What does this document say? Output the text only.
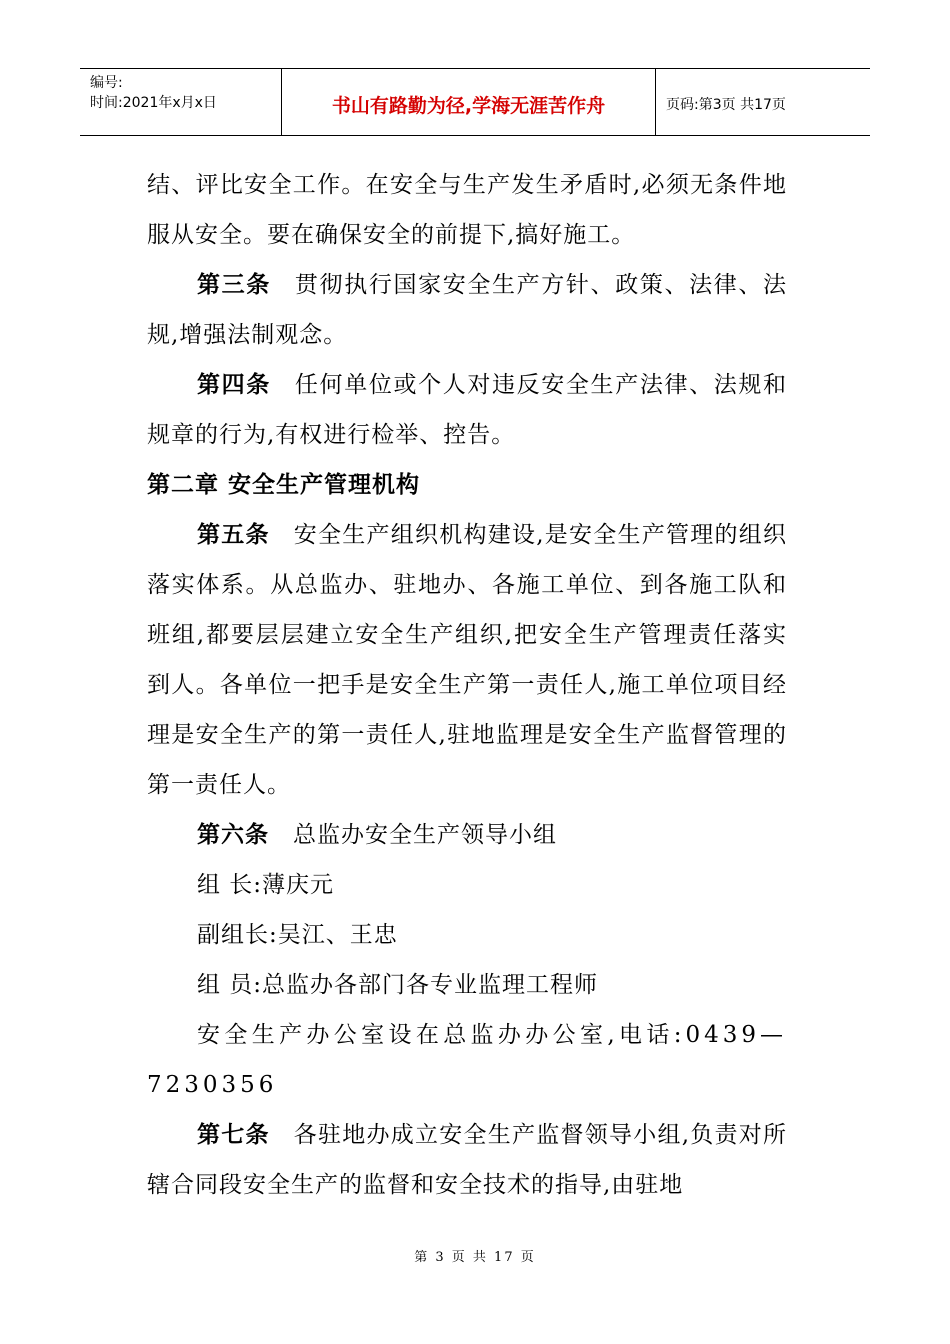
编号:
时间:2021年x月x日	书山有路勤为径,学海无涯苦作舟	页码:第3页 共17页

结、评比安全工作。在安全与生产发生矛盾时,必须无条件地服从安全。要在确保安全的前提下,搞好施工。

第三条 贯彻执行国家安全生产方针、政策、法律、法规,增强法制观念。

第四条 任何单位或个人对违反安全生产法律、法规和规章的行为,有权进行检举、控告。

第二章 安全生产管理机构

第五条 安全生产组织机构建设,是安全生产管理的组织落实体系。从总监办、驻地办、各施工单位、到各施工队和班组,都要层层建立安全生产组织,把安全生产管理责任落实到人。各单位一把手是安全生产第一责任人,施工单位项目经理是安全生产的第一责任人,驻地监理是安全生产监督管理的第一责任人。

第六条 总监办安全生产领导小组

组 长:薄庆元

副组长:吴江、王忠

组 员:总监办各部门各专业监理工程师

安全生产办公室设在总监办办公室,电话:0439—7230356

第七条 各驻地办成立安全生产监督领导小组,负责对所辖合同段安全生产的监督和安全技术的指导,由驻地

第 3 页 共 17 页
